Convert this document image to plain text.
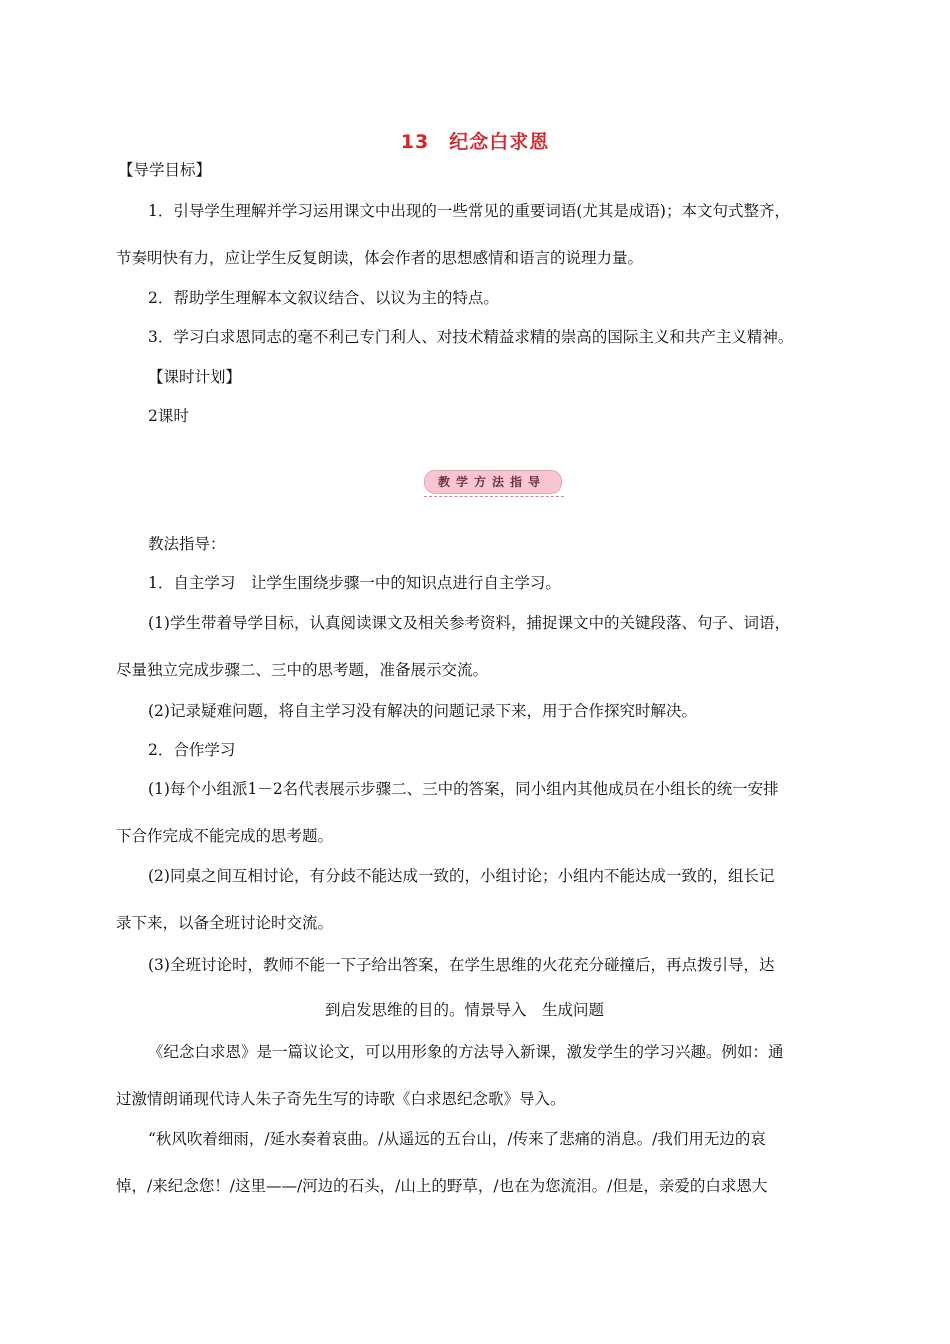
13　纪念白求恩
【导学目标】
1．引导学生理解并学习运用课文中出现的一些常见的重要词语(尤其是成语)；本文句式整齐，
节奏明快有力，应让学生反复朗读，体会作者的思想感情和语言的说理力量。
2．帮助学生理解本文叙议结合、以议为主的特点。
3．学习白求恩同志的毫不利己专门利人、对技术精益求精的崇高的国际主义和共产主义精神。
【课时计划】
2课时
教学方法指导
教法指导：
1．自主学习　让学生围绕步骤一中的知识点进行自主学习。
(1)学生带着导学目标，认真阅读课文及相关参考资料，捕捉课文中的关键段落、句子、词语，
尽量独立完成步骤二、三中的思考题，准备展示交流。
(2)记录疑难问题，将自主学习没有解决的问题记录下来，用于合作探究时解决。
2．合作学习
(1)每个小组派1－2名代表展示步骤二、三中的答案，同小组内其他成员在小组长的统一安排
下合作完成不能完成的思考题。
(2)同桌之间互相讨论，有分歧不能达成一致的，小组讨论；小组内不能达成一致的，组长记
录下来，以备全班讨论时交流。
(3)全班讨论时，教师不能一下子给出答案，在学生思维的火花充分碰撞后，再点拨引导，达
到启发思维的目的。情景导入　生成问题
《纪念白求恩》是一篇议论文，可以用形象的方法导入新课，激发学生的学习兴趣。例如：通
过激情朗诵现代诗人朱子奇先生写的诗歌《白求恩纪念歌》导入。
“秋风吹着细雨，/延水奏着哀曲。/从遥远的五台山，/传来了悲痛的消息。/我们用无边的哀
悼，/来纪念您！/这里——/河边的石头，/山上的野草，/也在为您流泪。/但是，亲爱的白求恩大
